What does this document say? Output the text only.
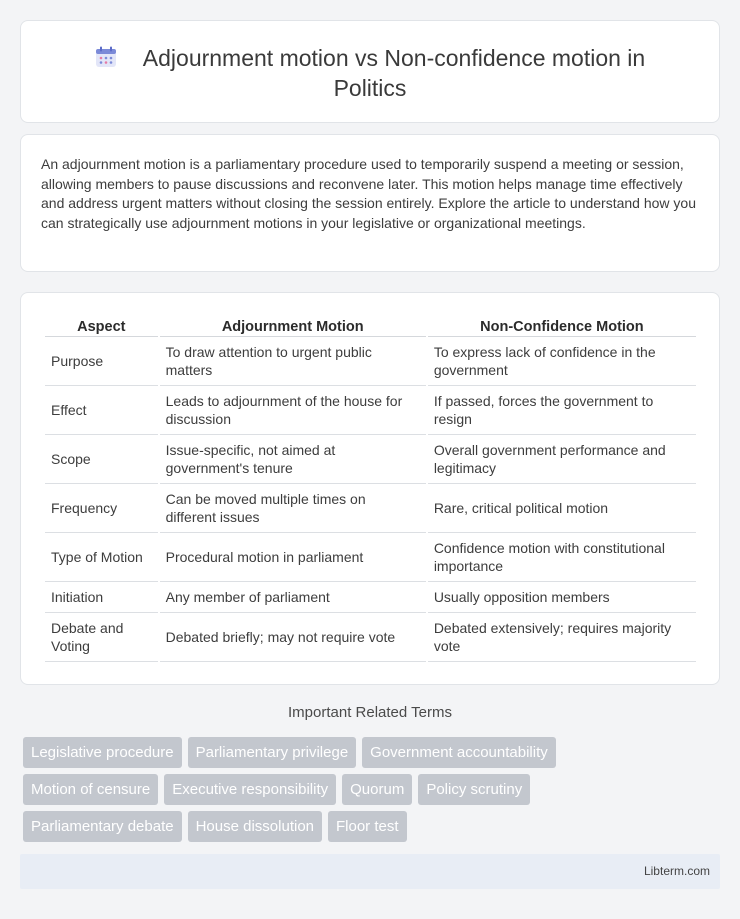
Adjournment motion vs Non-confidence motion in Politics

An adjournment motion is a parliamentary procedure used to temporarily suspend a meeting or session, allowing members to pause discussions and reconvene later. This motion helps manage time effectively and address urgent matters without closing the session entirely. Explore the article to understand how you can strategically use adjournment motions in your legislative or organizational meetings.

Aspect	Adjournment Motion	Non-Confidence Motion
Purpose	To draw attention to urgent public matters	To express lack of confidence in the government
Effect	Leads to adjournment of the house for discussion	If passed, forces the government to resign
Scope	Issue-specific, not aimed at government's tenure	Overall government performance and legitimacy
Frequency	Can be moved multiple times on different issues	Rare, critical political motion
Type of Motion	Procedural motion in parliament	Confidence motion with constitutional importance
Initiation	Any member of parliament	Usually opposition members
Debate and Voting	Debated briefly; may not require vote	Debated extensively; requires majority vote
Important Related Terms
Legislative procedure	Parliamentary privilege	Government accountability
Motion of censure	Executive responsibility	Quorum	Policy scrutiny
Parliamentary debate	House dissolution	Floor test
Libterm.com
